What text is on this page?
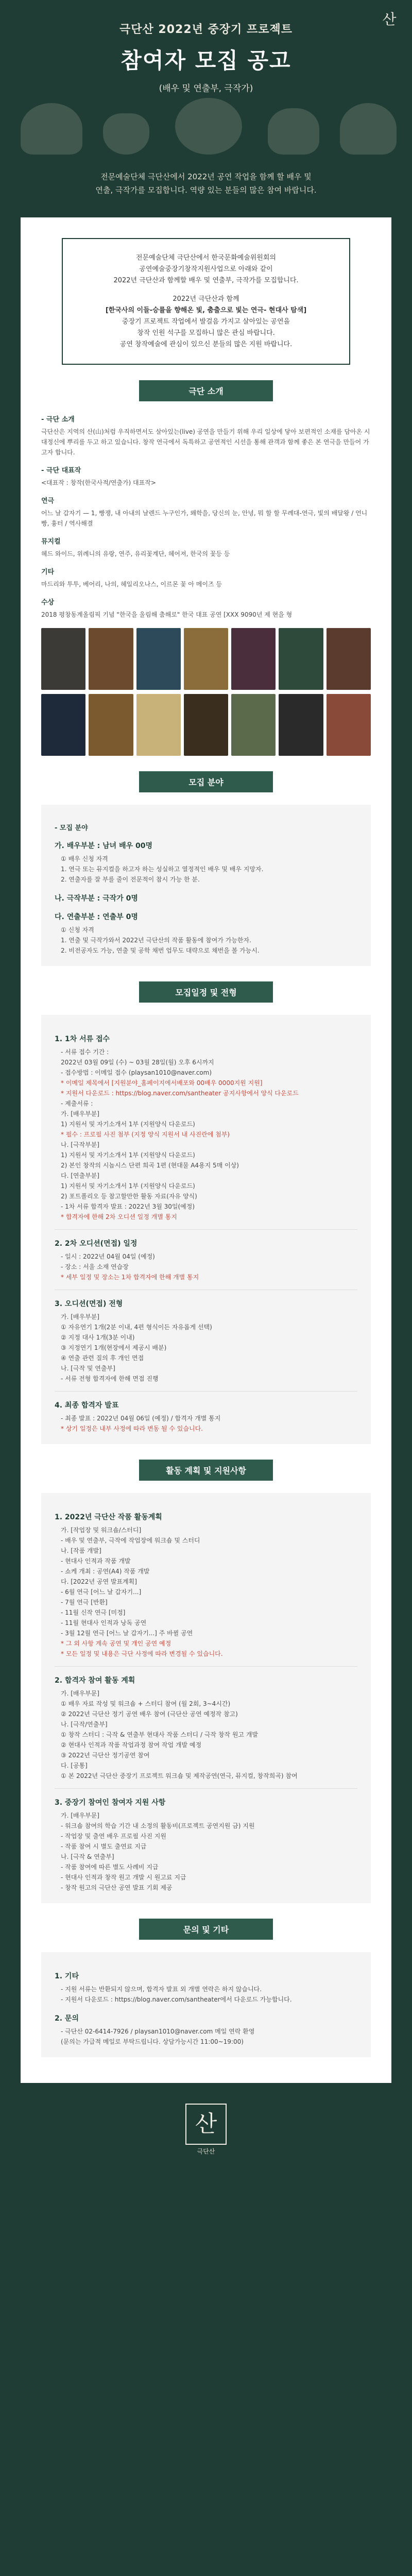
산
극단산 2022년 중장기 프로젝트
참여자 모집 공고
(배우 및 연출부, 극작가)

전문예술단체 극단산에서 2022년 공연 작업을 함께 할 배우 및

연출, 극작가를 모집합니다. 역량 있는 분들의 많은 참여 바랍니다.

전문예술단체 극단산에서 한국문화예술위원회의

공연예술중장기창작지원사업으로 아래와 같이

2022년 극단산과 함께할 배우 및 연출부, 극작가를 모집합니다.

2022년 극단산과 함께

[한국사의 이들-승률을 향해온 빛, 춤출으로 빛는 연극- 현대사 탐색]

중장기 프로젝트 작업에서 발걸음 가지고 살아있는 공연을

창작 인원 석구를 모집하니 많은 관심 바랍니다.

공연 창작예술에 관심이 있으신 분들의 많은 지원 바랍니다.

극단 소개
- 극단 소개
극단산은 지역의 산(山)처럼 우직하면서도 살아있는(live) 공연을 만들기 위해 우리 일상에 닿아 보편적인 소재를 담아온 시대정신에 뿌리를 두고 하고 있습니다. 창작 연극에서 독특하고 공연적인 시선을 통해 관객과 함께 좋은 본 연극을 만들어 가고자 합니다.
- 극단 대표작
<대표작 : 창작(한국사적/연출가) 대표작>
연극
어느 날 갑자기 — 1, 빵쟁, 내 아내의 날렌드 누구인가, 왜학을, 당신의 눈, 안녕, 뭐 할 할 무례대-연극, 빛의 배달왕 / 언니 빵, 흉터 / 역사해결
뮤지컬
헤드 와이드, 위례니의 유랑, 연주, 유리꽃계단, 헤어져, 한국의 꽃등 등
기타
마드리와 투투, 베어리, 나의, 헤일리오나스, 이르몬 꽃 아 메이즈 등
수상
2018 평창동계올림픽 기념 "한국을 울림해 춤해로" 한국 대표 공연 [XXX 9090년 제 현을 형
모집 분야
- 모집 분야
가. 배우부분 : 남녀 배우 00명
① 배우 신청 자격
1. 연극 또는 뮤지컬을 하고자 하는 성실하고 열정적인 배우 및 배우 지망자.
2. 연출자를 잘 부를 줄이 전문적이 참시 가능 한 분.
나. 극작부분 : 극작가 0명
다. 연출부분 : 연출부 0명
① 신청 자격
1. 연출 및 극작가와서 2022년 극단산의 작품 활동에 참여가 가능한자.
2. 비전공자도 가능, 연출 및 공학 채번 업무도 대략으로 채번을 볼 가능시.
모집일정 및 전형
1. 1차 서류 접수
- 서류 접수 기간 :
2022년 03월 09일 (수) ~ 03월 28일(월) 오후 6시까지
- 접수방법 : 이메일 접수 (playsan1010@naver.com)
* 이메일 제목에서 [지원분야_홈페이지에서배포와 00배우 0000지원 지원]
* 지원서 다운로드 : https://blog.naver.com/santheater 공지사항에서 양식 다운로드
- 제출서류 :
가. [배우부분]
1) 지원서 및 자기소개서 1부 (지원양식 다운로드)
* 필수 : 프로필 사진 첨부 (지정 양식 지원서 내 사진란에 첨부)
나. [극작부분]
1) 지원서 및 자기소개서 1부 (지원양식 다운로드)
2) 본인 창작의 시놉시스 단편 희곡 1편 (현대물 A4용지 5매 이상)
다. [연출부분]
1) 지원서 및 자기소개서 1부 (지원양식 다운로드)
2) 포트폴리오 등 참고할만한 활동 자료(자유 양식)
- 1차 서류 합격자 발표 : 2022년 3월 30일(예정)
* 합격자에 한해 2차 오디션 일정 개별 통지
2. 2차 오디션(면접) 일정
- 일시 : 2022년 04월 04일 (예정)
- 장소 : 서울 소재 연습장
* 세부 일정 및 장소는 1차 합격자에 한해 개별 통지
3. 오디션(면접) 전형
가. [배우부분]
① 자유연기 1개(2분 이내, 4편 형식이든 자유롭게 선택)
② 지정 대사 1개(3분 이내)
③ 지정연기 1개(현장에서 제공시 배분)
④ 연출 관련 질의 후 개인 면접
나. [극작 및 연출부]
- 서류 전형 합격자에 한해 면접 진행
4. 최종 합격자 발표
- 최종 발표 : 2022년 04월 06일 (예정) / 합격자 개별 통지
* 상기 일정은 내부 사정에 따라 변동 될 수 있습니다.
활동 계획 및 지원사항
1. 2022년 극단산 작품 활동계획
가. [작업장 및 워크숍/스터디]
- 배우 및 연출부, 극작에 작업장에 워크숍 및 스터디
나. [작품 개발]
- 현대사 인적과 작품 개발
- 쇼케 개최 : 공연(A4) 작품 개발
다. [2022년 공연 발표계획]
- 6월 연극 [어느 날 갑자기...]
- 7월 연극 [반환]
- 11월 신작 연극 [미정]
- 11월 현대사 인적과 낭독 공연
- 3월 12월 연극 [어느 날 갑자기...] 주 바뀔 공연
* 그 외 사항 계속 공연 및 개인 공연 예정
* 모든 일정 및 내용은 극단 사정에 따라 변경될 수 있습니다.
2. 합격자 참여 활동 계획
가. [배우부문]
① 배우 자료 작성 및 워크숍 + 스터디 참여 (월 2회, 3~4시간)
② 2022년 극단산 정기 공연 배우 참여 (극단산 공연 예정작 참고)
나. [극작/연출부]
① 창작 스터디 : 극작 & 연출부 현대사 작품 스터디 / 극작 창작 원고 개발
② 현대사 인적과 작품 작업과정 참여 작업 개발 예정
③ 2022년 극단산 정기공연 참여
다. [공통]
① 본 2022년 극단산 중장기 프로젝트 워크숍 및 제작공연(연극, 뮤지컬, 창작희곡) 참여
3. 중장기 참여인 참여자 지원 사항
가. [배우부문]
- 워크숍 참여의 학습 기간 내 소정의 활동비(프로젝트 공연지원 금) 지원
- 작업장 및 출연 배우 프로필 사진 지원
- 작품 참여 시 별도 출연료 지급
나. [극작 & 연출부]
- 작품 참여에 따른 별도 사례비 지급
- 현대사 인적과 창작 원고 개발 시 원고료 지급
- 창작 원고의 극단산 공연 발표 기회 제공
문의 및 기타
1. 기타
- 지원 서류는 반환되지 않으며, 합격자 발표 외 개별 연락은 하지 않습니다.
- 지원서 다운로드 : https://blog.naver.com/santheater에서 다운로드 가능합니다.
2. 문의
- 극단산 02-6414-7926 / playsan1010@naver.com 메일 연락 환영
(문의는 가급적 메일로 부탁드립니다. 상담가능시간 11:00~19:00)
산
극단산
